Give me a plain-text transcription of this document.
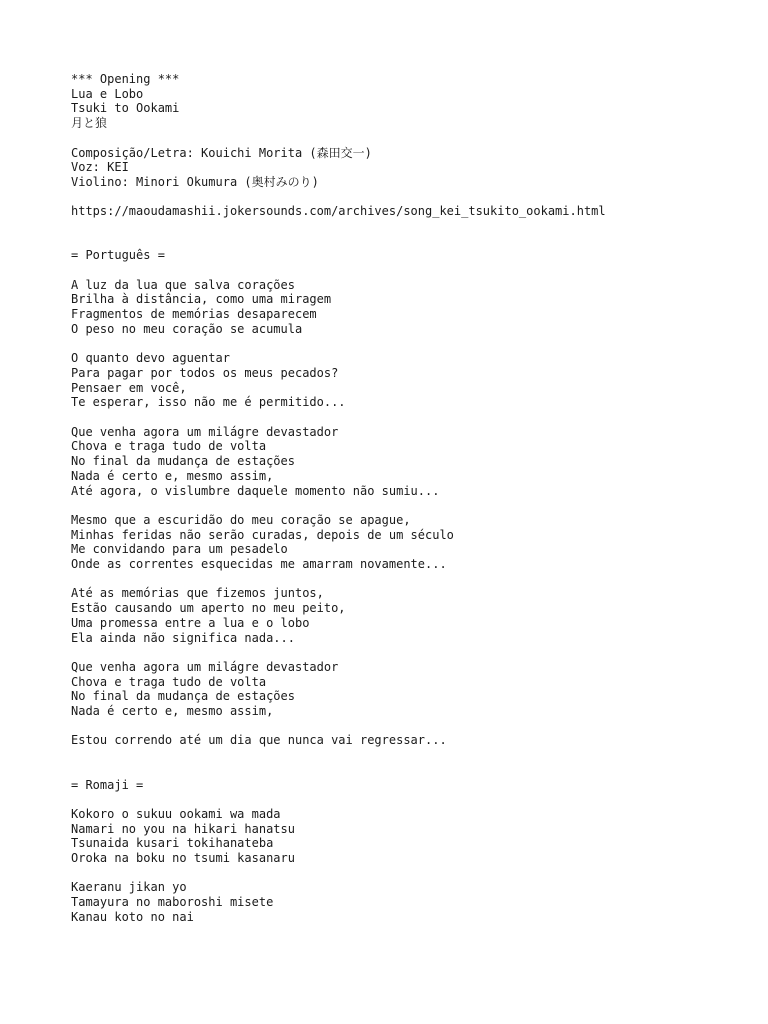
*** Opening ***
Lua e Lobo
Tsuki to Ookami
月と狼
Composição/Letra: Kouichi Morita (森田交一)
Voz: KEI
Violino: Minori Okumura (奥村みのり)
https://maoudamashii.jokersounds.com/archives/song_kei_tsukito_ookami.html
= Português =
A luz da lua que salva corações
Brilha à distância, como uma miragem
Fragmentos de memórias desaparecem
O peso no meu coração se acumula
O quanto devo aguentar
Para pagar por todos os meus pecados?
Pensaer em você,
Te esperar, isso não me é permitido...
Que venha agora um milágre devastador
Chova e traga tudo de volta
No final da mudança de estações
Nada é certo e, mesmo assim,
Até agora, o vislumbre daquele momento não sumiu...
Mesmo que a escuridão do meu coração se apague,
Minhas feridas não serão curadas, depois de um século
Me convidando para um pesadelo
Onde as correntes esquecidas me amarram novamente...
Até as memórias que fizemos juntos,
Estão causando um aperto no meu peito,
Uma promessa entre a lua e o lobo
Ela ainda não significa nada...
Que venha agora um milágre devastador
Chova e traga tudo de volta
No final da mudança de estações
Nada é certo e, mesmo assim,
Estou correndo até um dia que nunca vai regressar...
= Romaji =
Kokoro o sukuu ookami wa mada
Namari no you na hikari hanatsu
Tsunaida kusari tokihanateba
Oroka na boku no tsumi kasanaru
Kaeranu jikan yo
Tamayura no maboroshi misete
Kanau koto no nai
